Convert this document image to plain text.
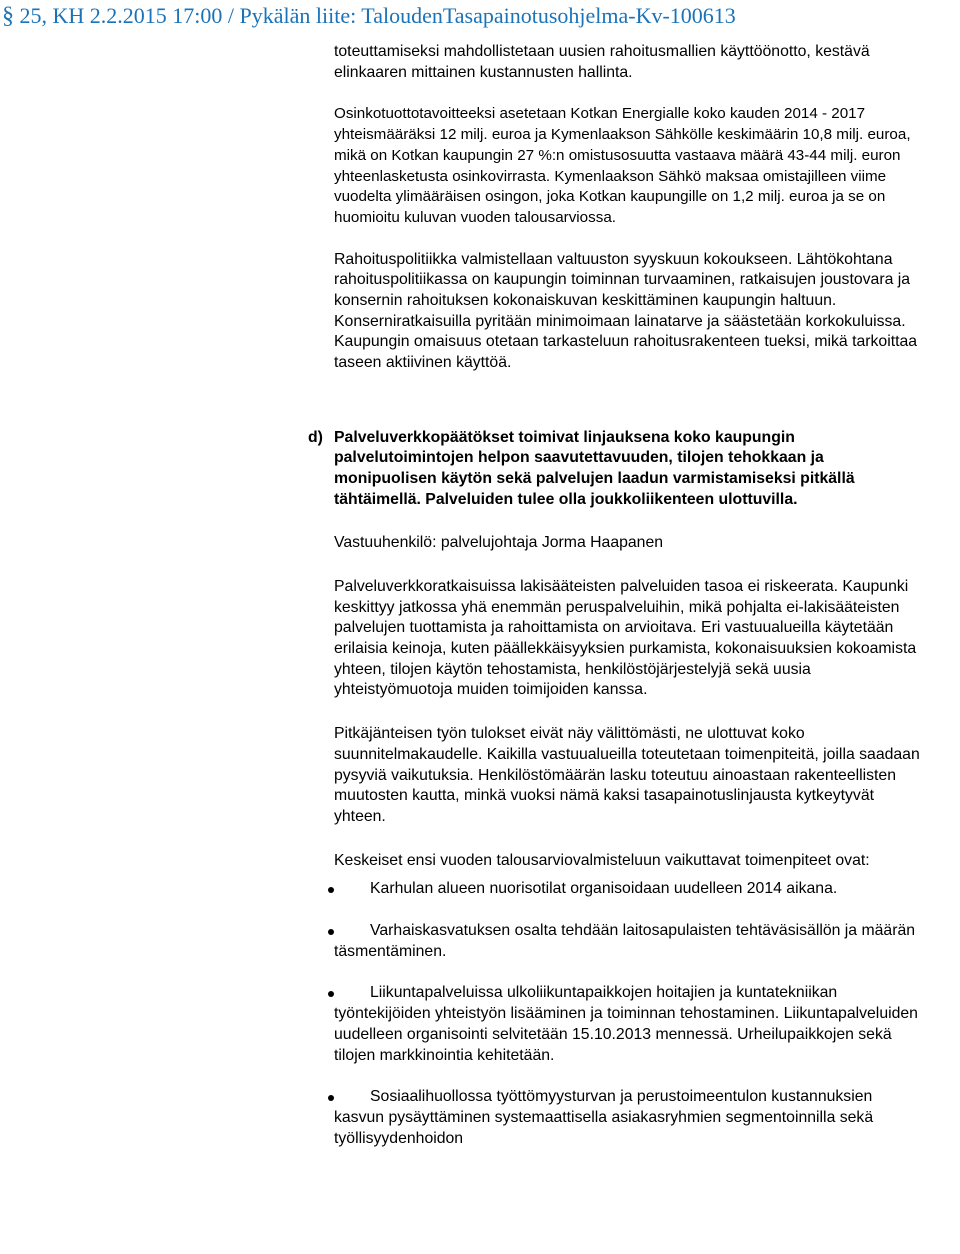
§ 25, KH 2.2.2015 17:00 / Pykälän liite: TaloudenTasapainotusohjelma-Kv-100613

toteuttamiseksi mahdollistetaan uusien rahoitusmallien käyttöönotto, kestävä elinkaaren mittainen kustannusten hallinta.

Osinkotuottotavoitteeksi asetetaan Kotkan Energialle koko kauden 2014 - 2017 yhteismääräksi 12 milj. euroa ja Kymenlaakson Sähkölle keskimäärin 10,8 milj. euroa, mikä on Kotkan kaupungin 27 %:n omistusosuutta vastaava määrä 43-44 milj. euron yhteenlasketusta osinkovirrasta. Kymenlaakson Sähkö maksaa omistajilleen viime vuodelta ylimääräisen osingon, joka Kotkan kaupungille on 1,2 milj. euroa ja se on huomioitu kuluvan vuoden talousarviossa.

Rahoituspolitiikka valmistellaan valtuuston syyskuun kokoukseen. Lähtökohtana rahoituspolitiikassa on kaupungin toiminnan turvaaminen, ratkaisujen joustovara ja konsernin rahoituksen kokonaiskuvan keskittäminen kaupungin haltuun. Konserniratkaisuilla pyritään minimoimaan lainatarve ja säästetään korkokuluissa. Kaupungin omaisuus otetaan tarkasteluun rahoitusrakenteen tueksi, mikä tarkoittaa taseen aktiivinen käyttöä.

d) Palveluverkkopäätökset toimivat linjauksena koko kaupungin palvelutoimintojen helpon saavutettavuuden, tilojen tehokkaan ja monipuolisen käytön sekä palvelujen laadun varmistamiseksi pitkällä tähtäimellä. Palveluiden tulee olla joukkoliikenteen ulottuvilla.

Vastuuhenkilö: palvelujohtaja Jorma Haapanen

Palveluverkkoratkaisuissa lakisääteisten palveluiden tasoa ei riskeerata. Kaupunki keskittyy jatkossa yhä enemmän peruspalveluihin, mikä pohjalta ei-lakisääteisten palvelujen tuottamista ja rahoittamista on arvioitava. Eri vastuualueilla käytetään erilaisia keinoja, kuten päällekkäisyyksien purkamista, kokonaisuuksien kokoamista yhteen, tilojen käytön tehostamista, henkilöstöjärjestelyjä sekä uusia yhteistyömuotoja muiden toimijoiden kanssa.

Pitkäjänteisen työn tulokset eivät näy välittömästi, ne ulottuvat koko suunnitelmakaudelle. Kaikilla vastuualueilla toteutetaan toimenpiteitä, joilla saadaan pysyviä vaikutuksia. Henkilöstömäärän lasku toteutuu ainoastaan rakenteellisten muutosten kautta, minkä vuoksi nämä kaksi tasapainotuslinjausta kytkeytyvät yhteen.

Keskeiset ensi vuoden talousarviovalmisteluun vaikuttavat toimenpiteet ovat:

Karhulan alueen nuorisotilat organisoidaan uudelleen 2014 aikana.
Varhaiskasvatuksen osalta tehdään laitosapulaisten tehtäväsisällön ja määrän täsmentäminen.
Liikuntapalveluissa ulkoliikuntapaikkojen hoitajien ja kuntatekniikan työntekijöiden yhteistyön lisääminen ja toiminnan tehostaminen. Liikuntapalveluiden uudelleen organisointi selvitetään 15.10.2013 mennessä. Urheilupaikkojen sekä tilojen markkinointia kehitetään.
Sosiaalihuollossa työttömyysturvan ja perustoimeentulon kustannuksien kasvun pysäyttäminen systemaattisella asiakasryhmien segmentoinnilla sekä työllisyydenhoidon
